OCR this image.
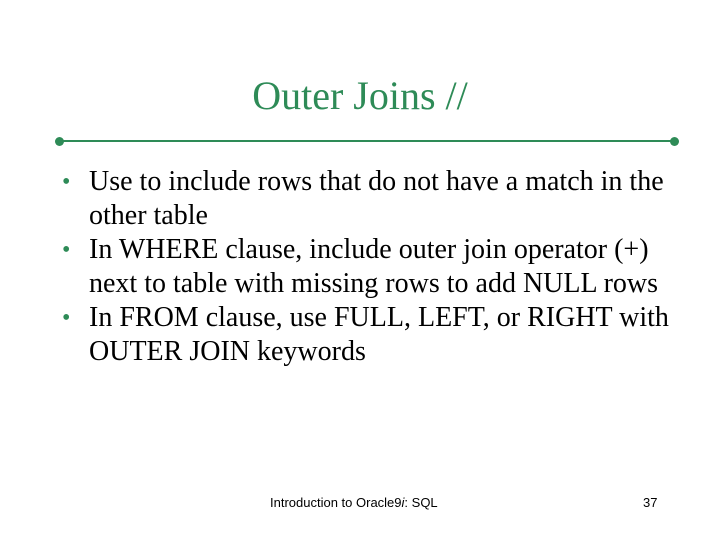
Outer Joins //
• Use to include rows that do not have a match in the other table
• In WHERE clause, include outer join operator (+) next to table with missing rows to add NULL rows
• In FROM clause, use FULL, LEFT, or RIGHT with OUTER JOIN keywords
Introduction to Oracle9i: SQL	37
